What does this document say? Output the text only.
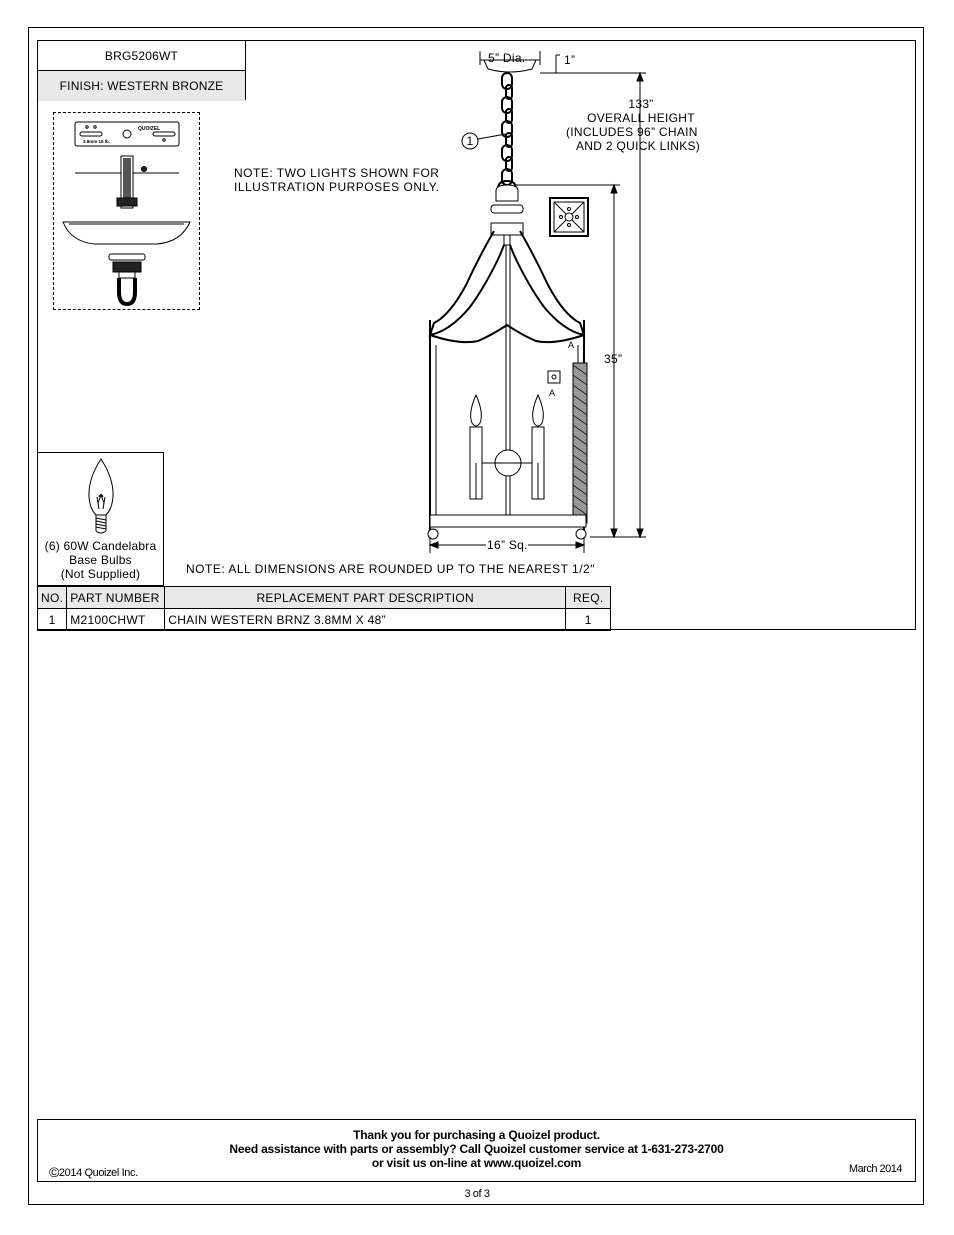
BRG5206WT
FINISH: WESTERN BRONZE
QUOIZEL
3.8mm 16 lb.
(6) 60W Candelabra
Base Bulbs
(Not Supplied)
NOTE: TWO LIGHTS SHOWN FOR
ILLUSTRATION PURPOSES ONLY.
NOTE: ALL DIMENSIONS ARE ROUNDED UP TO THE NEAREST 1/2″
1
5” Dia.	1”
133”
OVERALL HEIGHT
(INCLUDES 96” CHAIN
AND 2 QUICK LINKS)
35”
16” Sq.
A
A
NO.	PART NUMBER	REPLACEMENT PART DESCRIPTION	REQ.
1	M2100CHWT	CHAIN WESTERN BRNZ 3.8MM X 48”	1
Thank you for purchasing a Quoizel product.
Need assistance with parts or assembly? Call Quoizel customer service at 1-631-273-2700
or visit us on-line at www.quoizel.com
©2014 Quoizel Inc.	March 2014
3 of 3
